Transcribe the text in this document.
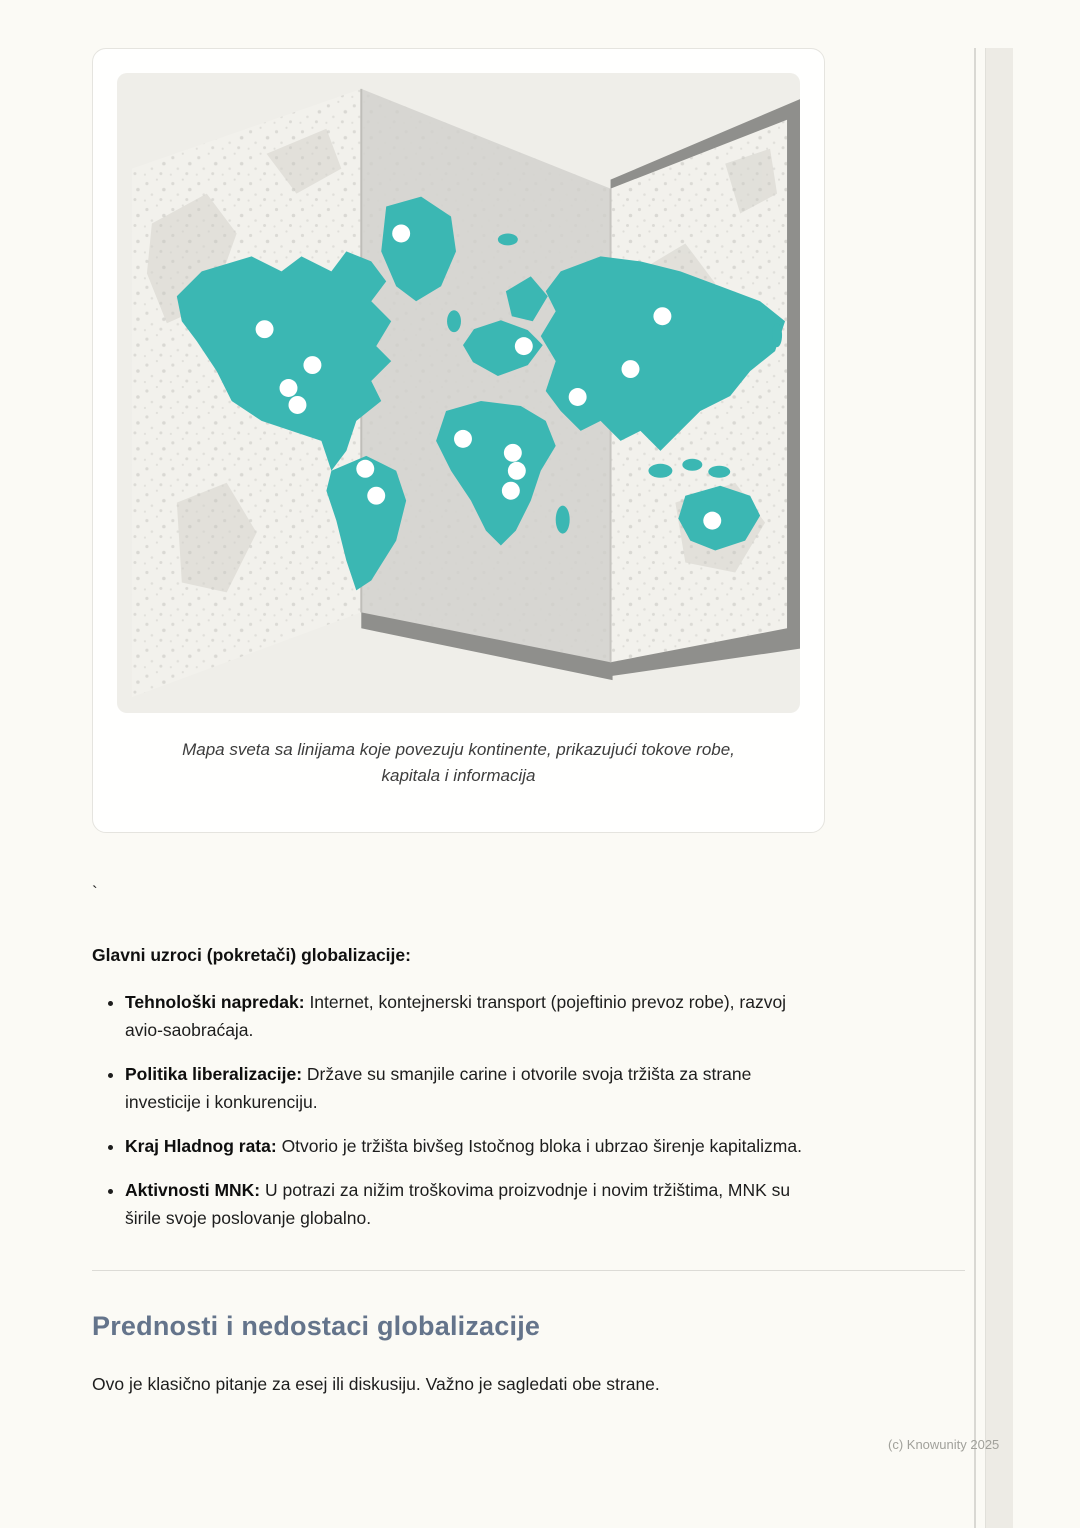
Mapa sveta sa linijama koje povezuju kontinente, prikazujući tokove robe, kapitala i informacija
`
Glavni uzroci (pokretači) globalizacije:
• Tehnološki napredak: Internet, kontejnerski transport (pojeftinio prevoz robe), razvoj avio-saobraćaja.
• Politika liberalizacije: Države su smanjile carine i otvorile svoja tržišta za strane investicije i konkurenciju.
• Kraj Hladnog rata: Otvorio je tržišta bivšeg Istočnog bloka i ubrzao širenje kapitalizma.
• Aktivnosti MNK: U potrazi za nižim troškovima proizvodnje i novim tržištima, MNK su širile svoje poslovanje globalno.
Prednosti i nedostaci globalizacije

Ovo je klasično pitanje za esej ili diskusiju. Važno je sagledati obe strane.

(c) Knowunity 2025
